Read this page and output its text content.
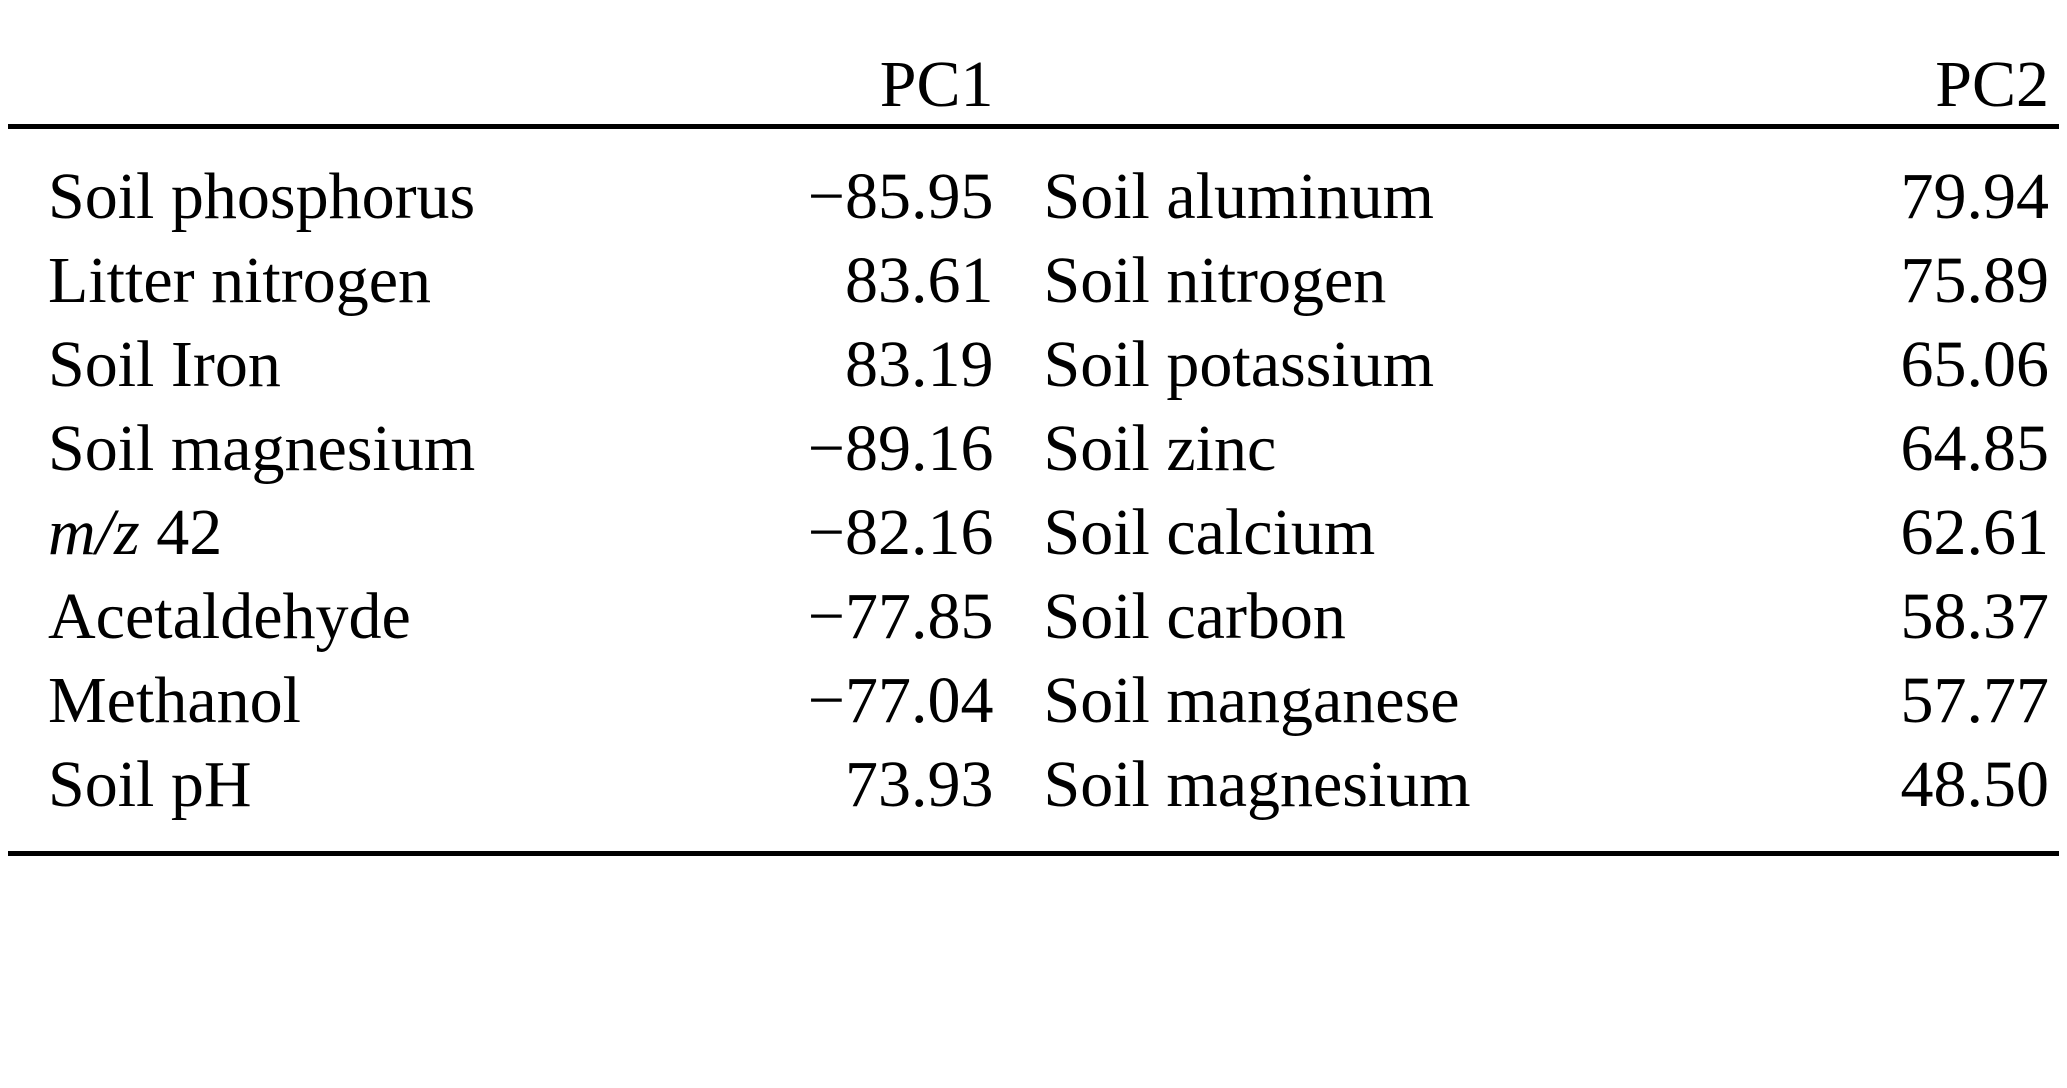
	PC1		PC2

Soil phosphorus	−85.95	Soil aluminum	79.94
Litter nitrogen	83.61	Soil nitrogen	75.89
Soil Iron	83.19	Soil potassium	65.06
Soil magnesium	−89.16	Soil zinc	64.85
m/z 42	−82.16	Soil calcium	62.61
Acetaldehyde	−77.85	Soil carbon	58.37
Methanol	−77.04	Soil manganese	57.77
Soil pH	73.93	Soil magnesium	48.50
